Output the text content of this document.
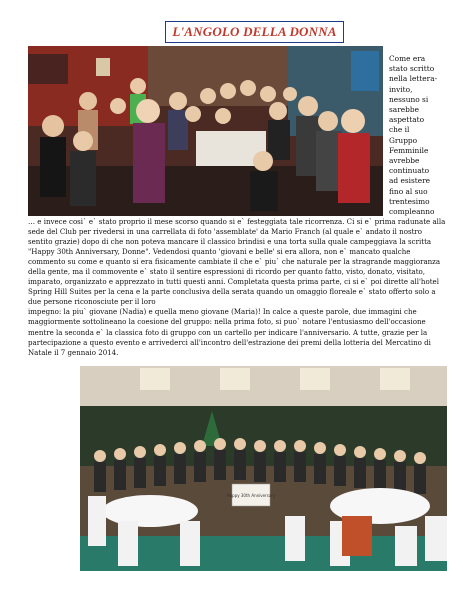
L'ANGOLO DELLA DONNA

Come era
stato scritto
nella lettera-
invito,
nessuno si
sarebbe
aspettato
che il
Gruppo
Femminile
avrebbe
continuato
ad esistere
fino al suo
trentesimo
compleanno

… e invece cosi` e` stato proprio il mese scorso quando si e` festeggiata tale ricorrenza. Ci si e` prima radunate alla sede del Club per rivedersi in una carrellata di foto 'assemblate' da Mario Franch (al quale e` andato il nostro sentito grazie) dopo di che non poteva mancare il classico brindisi e una torta sulla quale campeggiava la scritta "Happy 30th Anniversary, Donne". Vedendosi quanto 'giovani e belle' si era allora, non e` mancato qualche commento su come e quanto si era fisicamente cambiate il che e` piu` che naturale per la stragrande maggioranza della gente, ma il commovente e` stato il sentire espressioni di ricordo per quanto fatto, visto, donato, visitato, imparato, organizzato e apprezzato in tutti questi anni. Completata questa prima parte, ci si e` poi dirette all'hotel Spring Hill Suites per la cena e la parte conclusiva della serata quando un omaggio floreale e` stato offerto solo a due persone riconosciute per il loro

impegno: la piu` giovane (Nadia) e quella meno giovane (Maria)! In calce a queste parole, due immagini che maggiormente sottolineano la coesione del gruppo: nella prima foto, si puo` notare l'entusiasmo dell'occasione mentre la seconda e` la classica foto di gruppo con un cartello per indicare l'anniversario. A tutte, grazie per la partecipazione a questo evento e arrivederci all'incontro dell'estrazione dei premi della lotteria del Mercatino di Natale il 7 gennaio 2014.

Happy 30th Anniversary
